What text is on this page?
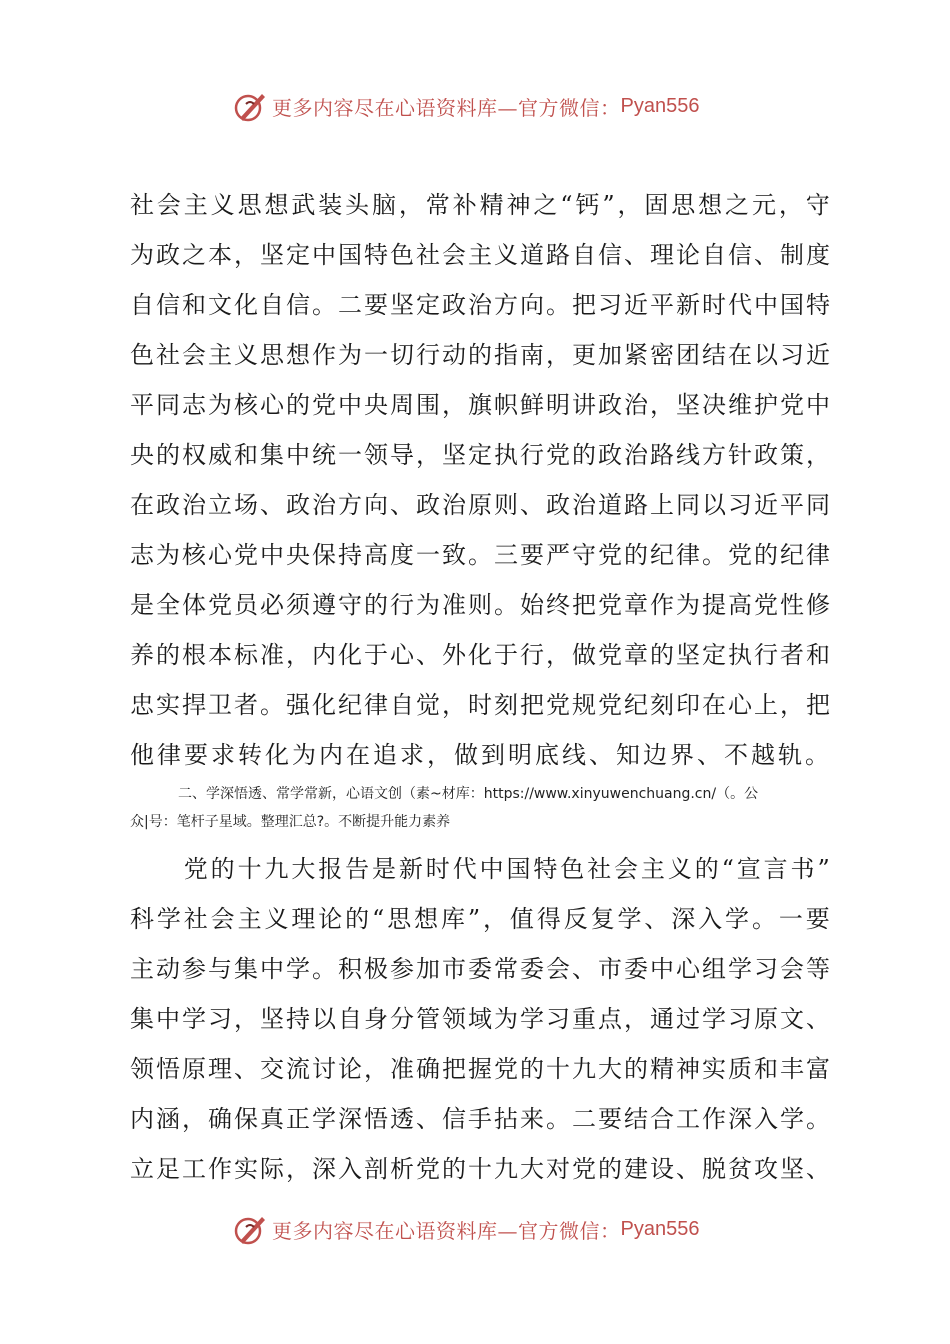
更多内容尽在心语资料库—官方微信： Pyan556
社 会 主 义 思 想 武 装 头 脑 ， 常 补 精 神 之 “ 钙 ” ， 固 思 想 之 元 ， 守
为 政 之 本 ， 坚 定 中 国 特 色 社 会 主 义 道 路 自 信 、 理 论 自 信 、 制 度
自 信 和 文 化 自 信 。 二 要 坚 定 政 治 方 向 。 把 习 近 平 新 时 代 中 国 特
色 社 会 主 义 思 想 作 为 一 切 行 动 的 指 南 ， 更 加 紧 密 团 结 在 以 习 近
平 同 志 为 核 心 的 党 中 央 周 围 ， 旗 帜 鲜 明 讲 政 治 ， 坚 决 维 护 党 中
央 的 权 威 和 集 中 统 一 领 导 ， 坚 定 执 行 党 的 政 治 路 线 方 针 政 策 ，
在 政 治 立 场 、 政 治 方 向 、 政 治 原 则 、 政 治 道 路 上 同 以 习 近 平 同
志 为 核 心 党 中 央 保 持 高 度 一 致 。 三 要 严 守 党 的 纪 律 。 党 的 纪 律
是 全 体 党 员 必 须 遵 守 的 行 为 准 则 。 始 终 把 党 章 作 为 提 高 党 性 修
养 的 根 本 标 准 ， 内 化 于 心 、 外 化 于 行 ， 做 党 章 的 坚 定 执 行 者 和
忠 实 捍 卫 者 。 强 化 纪 律 自 觉 ， 时 刻 把 党 规 党 纪 刻 印 在 心 上 ， 把
他律要求转化为内在追求，做到明底线、知边界、不越轨。
二、学深悟透、常学常新，心语文创（素~材库：https://www.xinyuwenchuang.cn/（。公
众|号：笔杆子星域。整理汇总?。不断提升能力素养

党 的 十 九 大 报 告 是 新 时 代 中 国 特 色 社 会 主 义 的 “ 宣 言 书 ”
科 学 社 会 主 义 理 论 的 “ 思 想 库 ” ， 值 得 反 复 学 、 深 入 学 。 一 要
主 动 参 与 集 中 学 。 积 极 参 加 市 委 常 委 会 、 市 委 中 心 组 学 习 会 等
集 中 学 习 ， 坚 持 以 自 身 分 管 领 域 为 学 习 重 点 ， 通 过 学 习 原 文 、
领 悟 原 理 、 交 流 讨 论 ， 准 确 把 握 党 的 十 九 大 的 精 神 实 质 和 丰 富
内 涵 ， 确 保 真 正 学 深 悟 透 、 信 手 拈 来 。 二 要 结 合 工 作 深 入 学 。
立 足 工 作 实 际 ， 深 入 剖 析 党 的 十 九 大 对 党 的 建 设 、 脱 贫 攻 坚 、
更多内容尽在心语资料库—官方微信： Pyan556
